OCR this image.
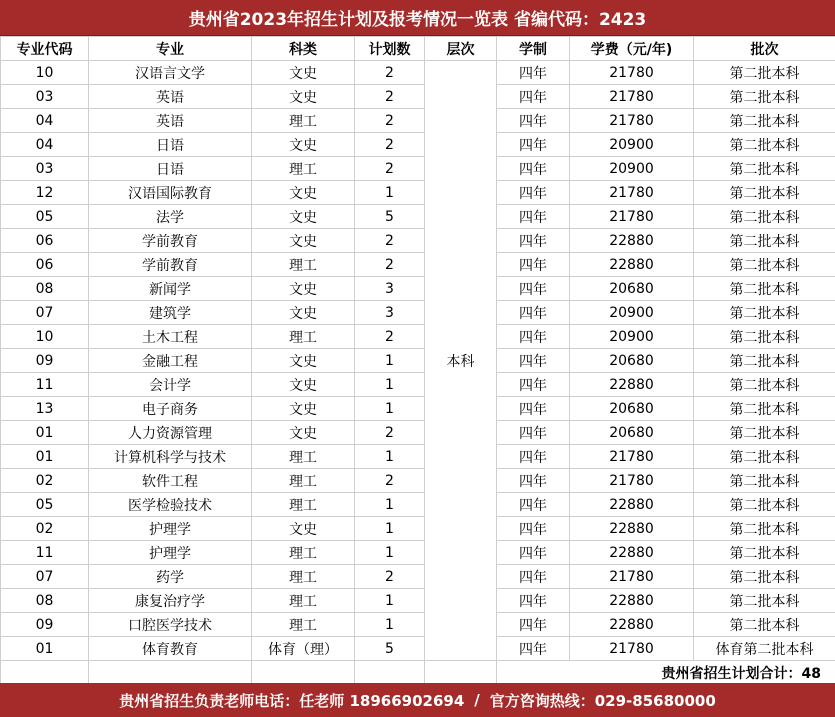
贵州省2023年招生计划及报考情况一览表 省编代码：2423
专业代码	专业	科类	计划数	层次	学制	学费（元/年)	批次
10	汉语言文学	文史	2	本科	四年	21780	第二批本科
03	英语	文史	2		四年	21780	第二批本科
04	英语	理工	2		四年	21780	第二批本科
04	日语	文史	2		四年	20900	第二批本科
03	日语	理工	2		四年	20900	第二批本科
12	汉语国际教育	文史	1		四年	21780	第二批本科
05	法学	文史	5		四年	21780	第二批本科
06	学前教育	文史	2		四年	22880	第二批本科
06	学前教育	理工	2		四年	22880	第二批本科
08	新闻学	文史	3		四年	20680	第二批本科
07	建筑学	文史	3		四年	20900	第二批本科
10	土木工程	理工	2		四年	20900	第二批本科
09	金融工程	文史	1		四年	20680	第二批本科
11	会计学	文史	1		四年	22880	第二批本科
13	电子商务	文史	1		四年	20680	第二批本科
01	人力资源管理	文史	2		四年	20680	第二批本科
01	计算机科学与技术	理工	1		四年	21780	第二批本科
02	软件工程	理工	2		四年	21780	第二批本科
05	医学检验技术	理工	1		四年	22880	第二批本科
02	护理学	文史	1		四年	22880	第二批本科
11	护理学	理工	1		四年	22880	第二批本科
07	药学	理工	2		四年	21780	第二批本科
08	康复治疗学	理工	1		四年	22880	第二批本科
09	口腔医学技术	理工	1		四年	22880	第二批本科
01	体育教育	体育（理）	5		四年	21780	体育第二批本科
					贵州省招生计划合计：48		
贵州省招生负责老师电话：任老师 18966902694 / 官方咨询热线：029-85680000
